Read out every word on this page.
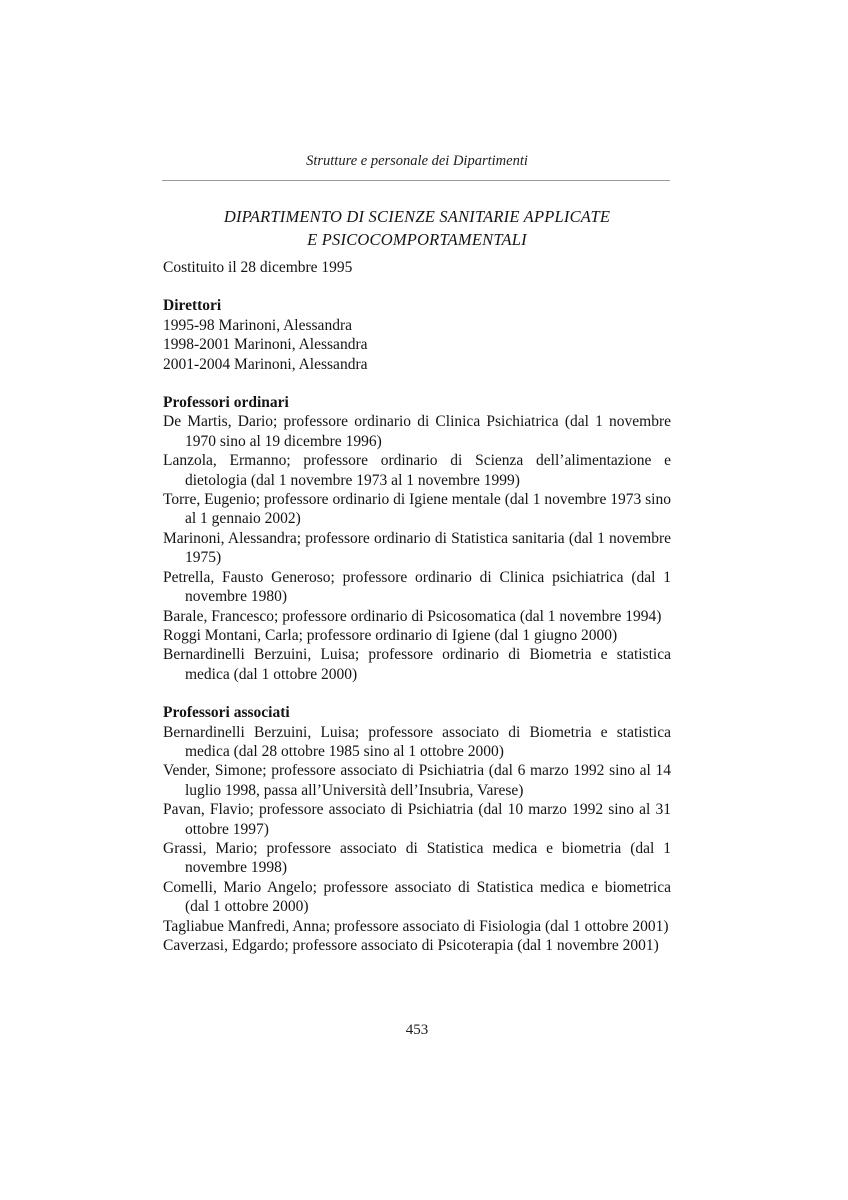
Strutture e personale dei Dipartimenti
DIPARTIMENTO DI SCIENZE SANITARIE APPLICATE
E PSICOCOMPORTAMENTALI

Costituito il 28 dicembre 1995

Direttori

1995-98 Marinoni, Alessandra

1998-2001 Marinoni, Alessandra

2001-2004 Marinoni, Alessandra

Professori ordinari

De Martis, Dario; professore ordinario di Clinica Psichiatrica (dal 1 novembre 1970 sino al 19 dicembre 1996)

Lanzola, Ermanno; professore ordinario di Scienza dell’alimentazione e dietologia (dal 1 novembre 1973 al 1 novembre 1999)

Torre, Eugenio; professore ordinario di Igiene mentale (dal 1 novembre 1973 sino al 1 gennaio 2002)

Marinoni, Alessandra; professore ordinario di Statistica sanitaria (dal 1 novembre 1975)

Petrella, Fausto Generoso; professore ordinario di Clinica psichiatrica (dal 1 novembre 1980)

Barale, Francesco; professore ordinario di Psicosomatica (dal 1 novembre 1994)

Roggi Montani, Carla; professore ordinario di Igiene (dal 1 giugno 2000)

Bernardinelli Berzuini, Luisa; professore ordinario di Biometria e statistica medica (dal 1 ottobre 2000)

Professori associati

Bernardinelli Berzuini, Luisa; professore associato di Biometria e statistica medica (dal 28 ottobre 1985 sino al 1 ottobre 2000)

Vender, Simone; professore associato di Psichiatria (dal 6 marzo 1992 sino al 14 luglio 1998, passa all’Università dell’Insubria, Varese)

Pavan, Flavio; professore associato di Psichiatria (dal 10 marzo 1992 sino al 31 ottobre 1997)

Grassi, Mario; professore associato di Statistica medica e biometria (dal 1 novembre 1998)

Comelli, Mario Angelo; professore associato di Statistica medica e biometrica (dal 1 ottobre 2000)

Tagliabue Manfredi, Anna; professore associato di Fisiologia (dal 1 ottobre 2001)

Caverzasi, Edgardo; professore associato di Psicoterapia (dal 1 novembre 2001)

453
